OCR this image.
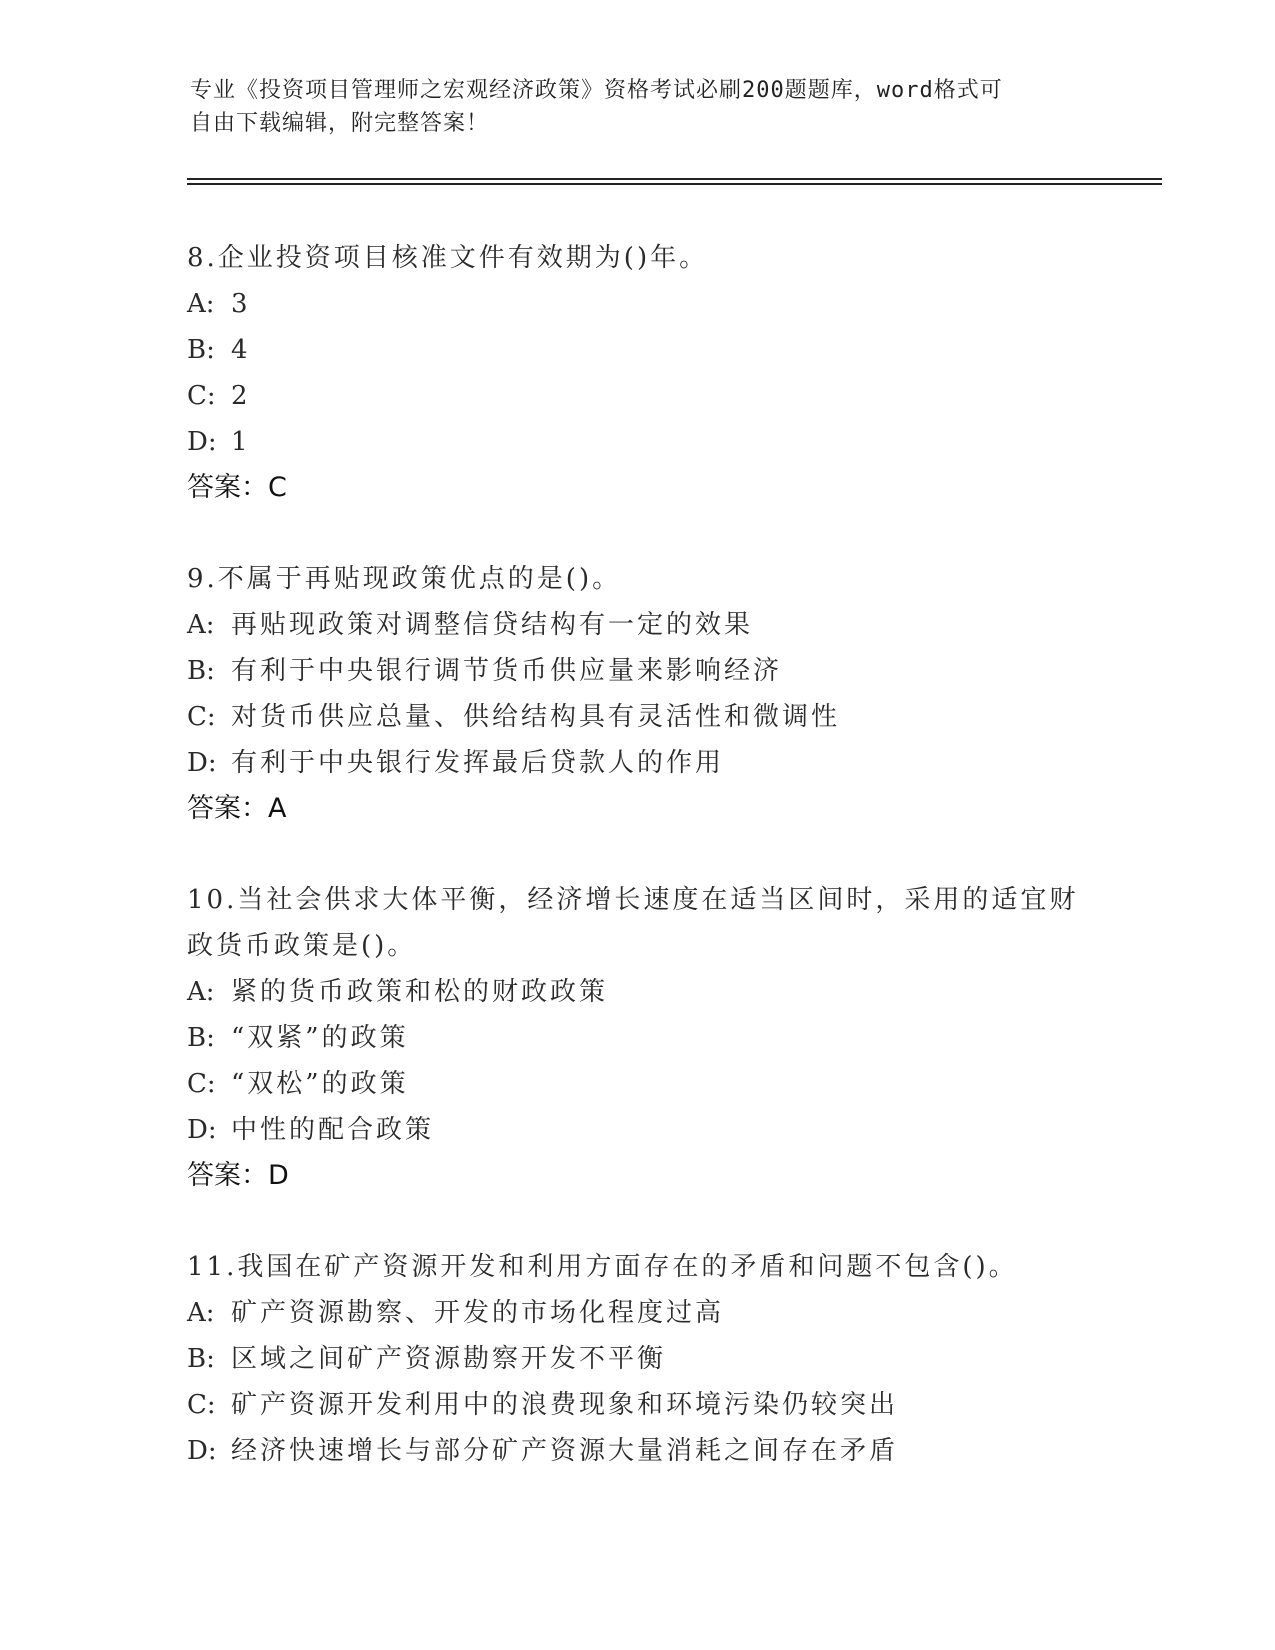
专业《投资项目管理师之宏观经济政策》资格考试必刷200题题库，word格式可
自由下载编辑，附完整答案！
8.企业投资项目核准文件有效期为()年。
A: 3
B: 4
C: 2
D: 1
答案：C
9.不属于再贴现政策优点的是()。
A: 再贴现政策对调整信贷结构有一定的效果
B: 有利于中央银行调节货币供应量来影响经济
C: 对货币供应总量、供给结构具有灵活性和微调性
D: 有利于中央银行发挥最后贷款人的作用
答案：A
10.当社会供求大体平衡，经济增长速度在适当区间时，采用的适宜财
政货币政策是()。
A: 紧的货币政策和松的财政政策
B: “双紧”的政策
C: “双松”的政策
D: 中性的配合政策
答案：D
11.我国在矿产资源开发和利用方面存在的矛盾和问题不包含()。
A: 矿产资源勘察、开发的市场化程度过高
B: 区域之间矿产资源勘察开发不平衡
C: 矿产资源开发利用中的浪费现象和环境污染仍较突出
D: 经济快速增长与部分矿产资源大量消耗之间存在矛盾
